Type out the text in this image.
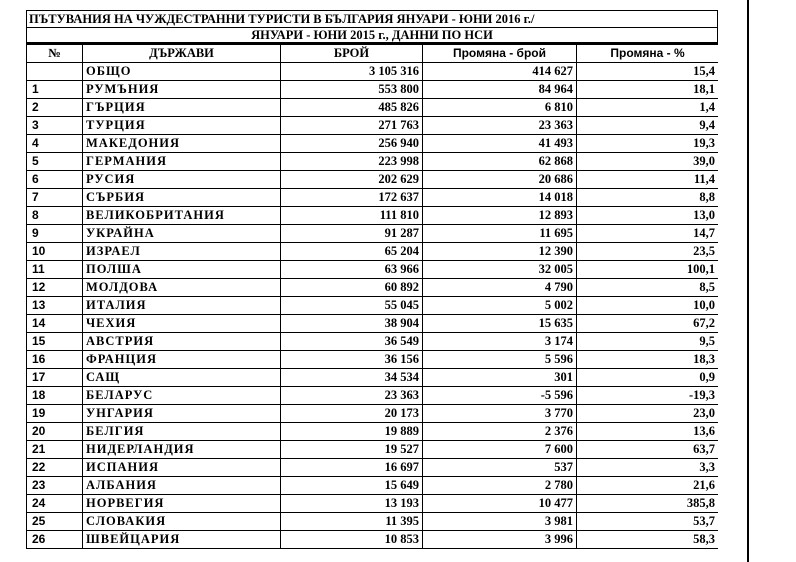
ПЪТУВАНИЯ НА ЧУЖДЕСТРАННИ ТУРИСТИ В БЪЛГАРИЯ ЯНУАРИ - ЮНИ 2016 г./
ЯНУАРИ - ЮНИ 2015 г., ДАННИ ПО НСИ
№	ДЪРЖАВИ	БРОЙ	Промяна - брой	Промяна - %
	ОБЩО	3 105 316	414 627	15,4
1	РУМЪНИЯ	553 800	84 964	18,1
2	ГЪРЦИЯ	485 826	6 810	1,4
3	ТУРЦИЯ	271 763	23 363	9,4
4	МАКЕДОНИЯ	256 940	41 493	19,3
5	ГЕРМАНИЯ	223 998	62 868	39,0
6	РУСИЯ	202 629	20 686	11,4
7	СЪРБИЯ	172 637	14 018	8,8
8	ВЕЛИКОБРИТАНИЯ	111 810	12 893	13,0
9	УКРАЙНА	91 287	11 695	14,7
10	ИЗРАЕЛ	65 204	12 390	23,5
11	ПОЛША	63 966	32 005	100,1
12	МОЛДОВА	60 892	4 790	8,5
13	ИТАЛИЯ	55 045	5 002	10,0
14	ЧЕХИЯ	38 904	15 635	67,2
15	АВСТРИЯ	36 549	3 174	9,5
16	ФРАНЦИЯ	36 156	5 596	18,3
17	САЩ	34 534	301	0,9
18	БЕЛАРУС	23 363	-5 596	-19,3
19	УНГАРИЯ	20 173	3 770	23,0
20	БЕЛГИЯ	19 889	2 376	13,6
21	НИДЕРЛАНДИЯ	19 527	7 600	63,7
22	ИСПАНИЯ	16 697	537	3,3
23	АЛБАНИЯ	15 649	2 780	21,6
24	НОРВЕГИЯ	13 193	10 477	385,8
25	СЛОВАКИЯ	11 395	3 981	53,7
26	ШВЕЙЦАРИЯ	10 853	3 996	58,3
